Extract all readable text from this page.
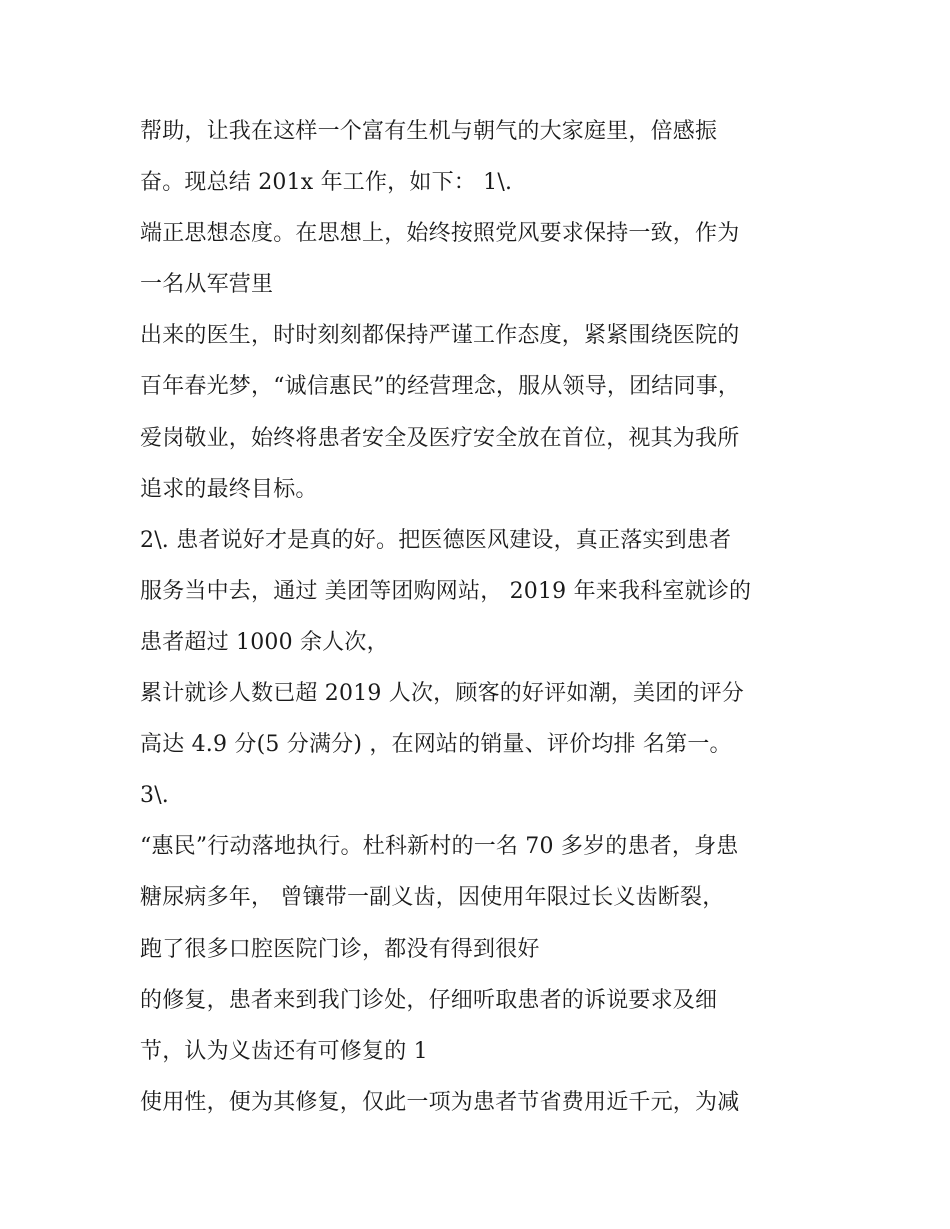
帮助，让我在这样一个富有生机与朝气的大家庭里，倍感振
奋。现总结 201x 年工作，如下： 1\.
端正思想态度。在思想上，始终按照党风要求保持一致，作为
一名从军营里
出来的医生，时时刻刻都保持严谨工作态度，紧紧围绕医院的
百年春光梦，“诚信惠民”的经营理念，服从领导，团结同事，
爱岗敬业，始终将患者安全及医疗安全放在首位，视其为我所
追求的最终目标。
2\. 患者说好才是真的好。把医德医风建设，真正落实到患者
服务当中去，通过 美团等团购网站， 2019 年来我科室就诊的
患者超过 1000 余人次，
累计就诊人数已超 2019 人次，顾客的好评如潮，美团的评分
高达 4.9 分(5 分满分) ，在网站的销量、评价均排 名第一。
3\.
“惠民”行动落地执行。杜科新村的一名 70 多岁的患者，身患
糖尿病多年， 曾镶带一副义齿，因使用年限过长义齿断裂，
跑了很多口腔医院门诊，都没有得到很好
的修复，患者来到我门诊处，仔细听取患者的诉说要求及细
节，认为义齿还有可修复的 1
使用性，便为其修复，仅此一项为患者节省费用近千元，为减
